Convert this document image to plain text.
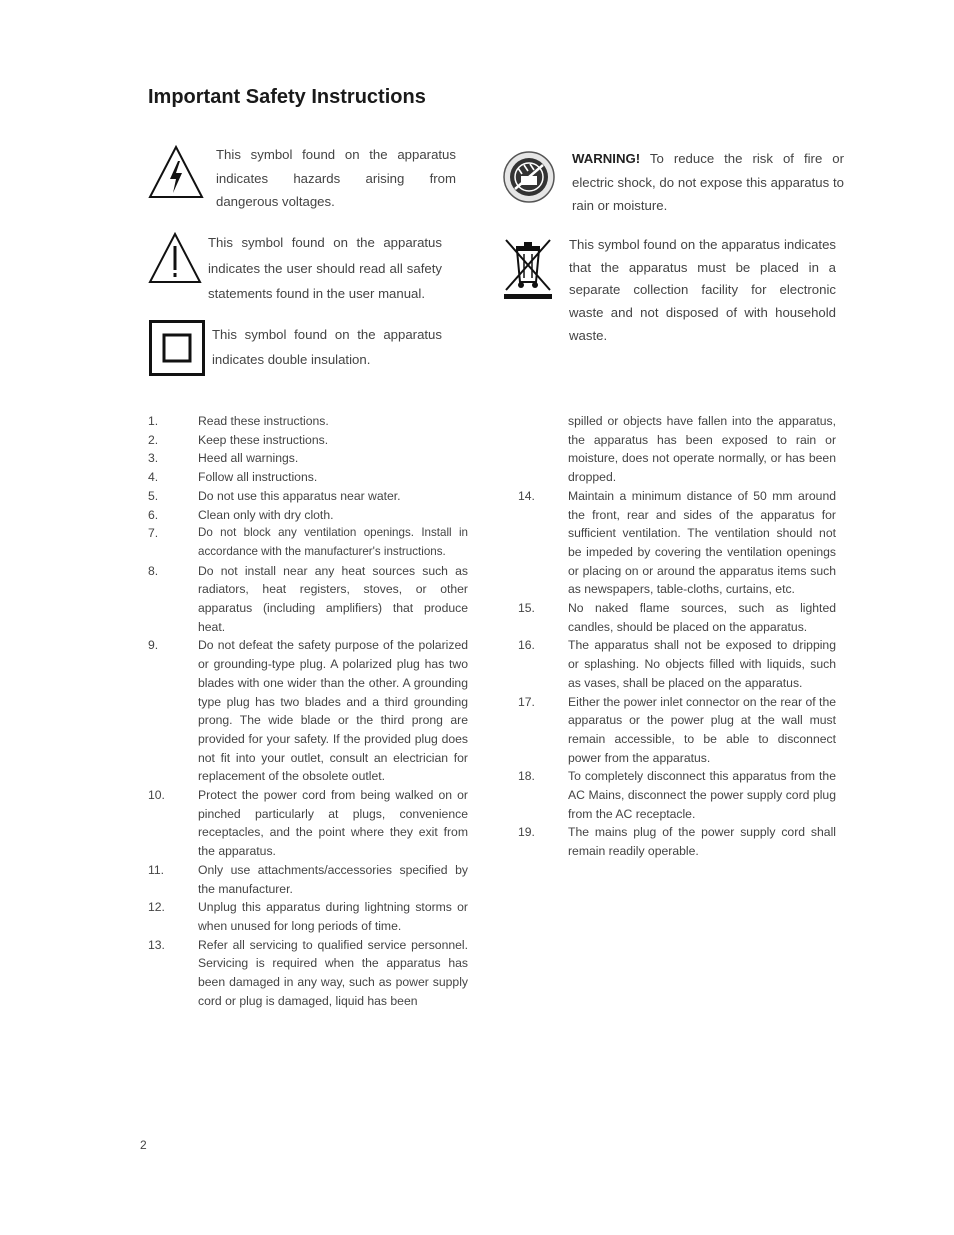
Important Safety Instructions
This symbol found on the apparatus indicates hazards arising from dangerous voltages.
This symbol found on the apparatus indicates the user should read all safety statements found in the user manual.
This symbol found on the apparatus indicates double insulation.
WARNING! To reduce the risk of fire or electric shock, do not expose this apparatus to rain or moisture.
This symbol found on the apparatus indicates that the apparatus must be placed in a separate collection facility for electronic waste and not disposed of with household waste.
1.	Read these instructions.
2.	Keep these instructions.
3.	Heed all warnings.
4.	Follow all instructions.
5.	Do not use this apparatus near water.
6.	Clean only with dry cloth.
7.	Do not block any ventilation openings. Install in accordance with the manufacturer's instructions.
8.	Do not install near any heat sources such as radiators, heat registers, stoves, or other apparatus (including amplifiers) that produce heat.
9.	Do not defeat the safety purpose of the polarized or grounding-type plug. A polarized plug has two blades with one wider than the other. A grounding type plug has two blades and a third grounding prong. The wide blade or the third prong are provided for your safety. If the provided plug does not fit into your outlet, consult an electrician for replacement of the obsolete outlet.
10.	Protect the power cord from being walked on or pinched particularly at plugs, convenience receptacles, and the point where they exit from the apparatus.
11.	Only use attachments/accessories specified by the manufacturer.
12.	Unplug this apparatus during lightning storms or when unused for long periods of time.
13.	Refer all servicing to qualified service personnel. Servicing is required when the apparatus has been damaged in any way, such as power supply cord or plug is damaged, liquid has been
spilled or objects have fallen into the apparatus, the apparatus has been exposed to rain or moisture, does not operate normally, or has been dropped.
14.	Maintain a minimum distance of 50 mm around the front, rear and sides of the apparatus for sufficient ventilation. The ventilation should not be impeded by covering the ventilation openings or placing on or around the apparatus items such as newspapers, table-cloths, curtains, etc.
15.	No naked flame sources, such as lighted candles, should be placed on the apparatus.
16.	The apparatus shall not be exposed to dripping or splashing. No objects filled with liquids, such as vases, shall be placed on the apparatus.
17.	Either the power inlet connector on the rear of the apparatus or the power plug at the wall must remain accessible, to be able to disconnect power from the apparatus.
18.	To completely disconnect this apparatus from the AC Mains, disconnect the power supply cord plug from the AC receptacle.
19.	The mains plug of the power supply cord shall remain readily operable.
2
